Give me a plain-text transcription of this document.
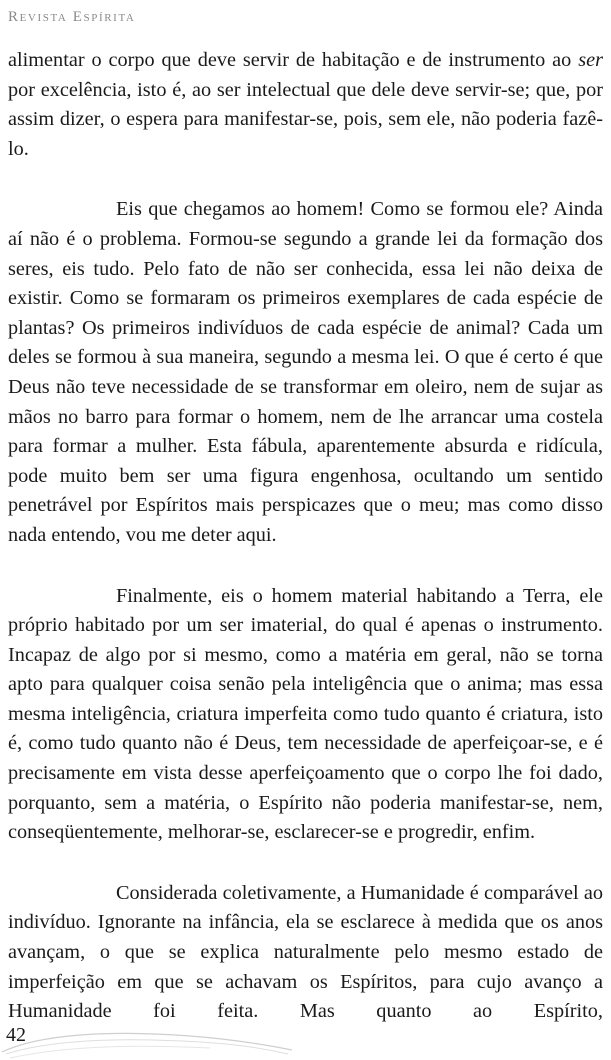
Revista Espírita

alimentar o corpo que deve servir de habitação e de instrumento ao ser por excelência, isto é, ao ser intelectual que dele deve servir-se; que, por assim dizer, o espera para manifestar-se, pois, sem ele, não poderia fazê-lo.

Eis que chegamos ao homem! Como se formou ele? Ainda aí não é o problema. Formou-se segundo a grande lei da formação dos seres, eis tudo. Pelo fato de não ser conhecida, essa lei não deixa de existir. Como se formaram os primeiros exemplares de cada espécie de plantas? Os primeiros indivíduos de cada espécie de animal? Cada um deles se formou à sua maneira, segundo a mesma lei. O que é certo é que Deus não teve necessidade de se transformar em oleiro, nem de sujar as mãos no barro para formar o homem, nem de lhe arrancar uma costela para formar a mulher. Esta fábula, aparentemente absurda e ridícula, pode muito bem ser uma figura engenhosa, ocultando um sentido penetrável por Espíritos mais perspicazes que o meu; mas como disso nada entendo, vou me deter aqui.

Finalmente, eis o homem material habitando a Terra, ele próprio habitado por um ser imaterial, do qual é apenas o instrumento. Incapaz de algo por si mesmo, como a matéria em geral, não se torna apto para qualquer coisa senão pela inteligência que o anima; mas essa mesma inteligência, criatura imperfeita como tudo quanto é criatura, isto é, como tudo quanto não é Deus, tem necessidade de aperfeiçoar-se, e é precisamente em vista desse aperfeiçoamento que o corpo lhe foi dado, porquanto, sem a matéria, o Espírito não poderia manifestar-se, nem, conseqüentemente, melhorar-se, esclarecer-se e progredir, enfim.

Considerada coletivamente, a Humanidade é comparável ao indivíduo. Ignorante na infância, ela se esclarece à medida que os anos avançam, o que se explica naturalmente pelo mesmo estado de imperfeição em que se achavam os Espíritos, para cujo avanço a Humanidade foi feita. Mas quanto ao Espírito,

42
